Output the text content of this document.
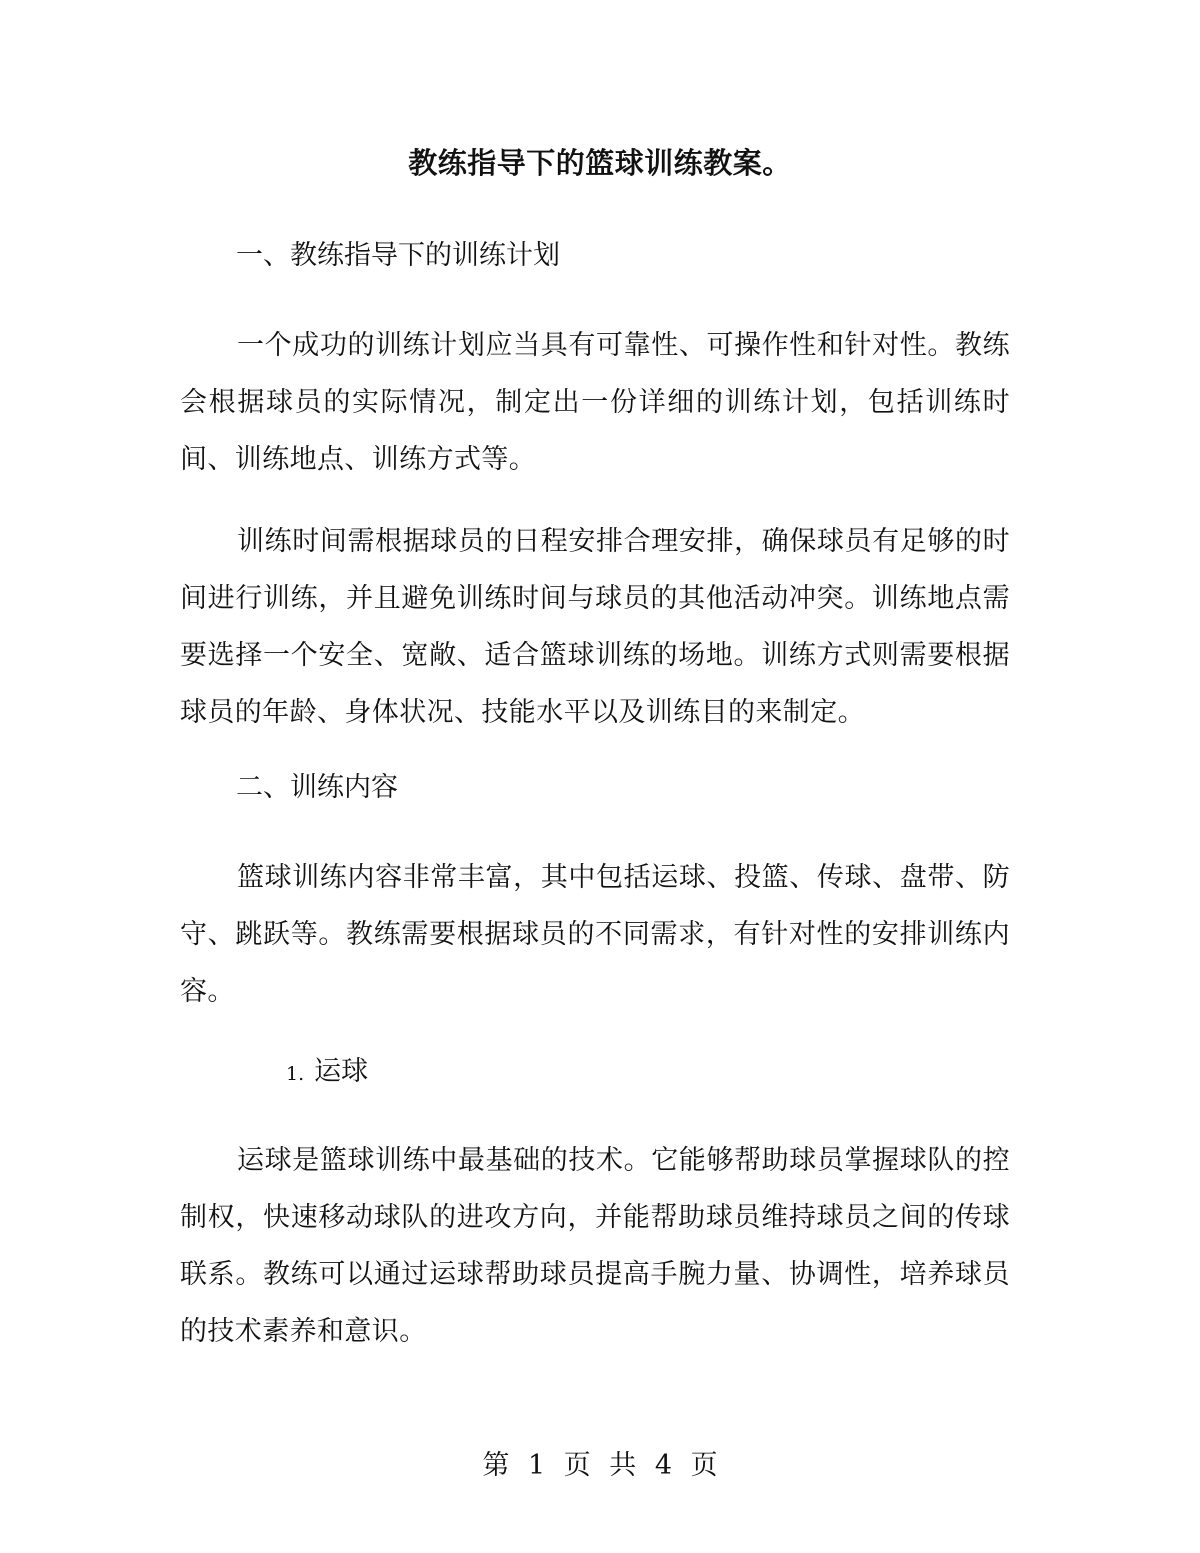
教练指导下的篮球训练教案。
一、教练指导下的训练计划
一个成功的训练计划应当具有可靠性、可操作性和针对性。教练会根据球员的实际情况，制定出一份详细的训练计划，包括训练时间、训练地点、训练方式等。
训练时间需根据球员的日程安排合理安排，确保球员有足够的时间进行训练，并且避免训练时间与球员的其他活动冲突。训练地点需要选择一个安全、宽敞、适合篮球训练的场地。训练方式则需要根据球员的年龄、身体状况、技能水平以及训练目的来制定。
二、训练内容
篮球训练内容非常丰富，其中包括运球、投篮、传球、盘带、防守、跳跃等。教练需要根据球员的不同需求，有针对性的安排训练内容。
1. 运球
运球是篮球训练中最基础的技术。它能够帮助球员掌握球队的控制权，快速移动球队的进攻方向，并能帮助球员维持球员之间的传球联系。教练可以通过运球帮助球员提高手腕力量、协调性，培养球员的技术素养和意识。
第 1 页 共 4 页
